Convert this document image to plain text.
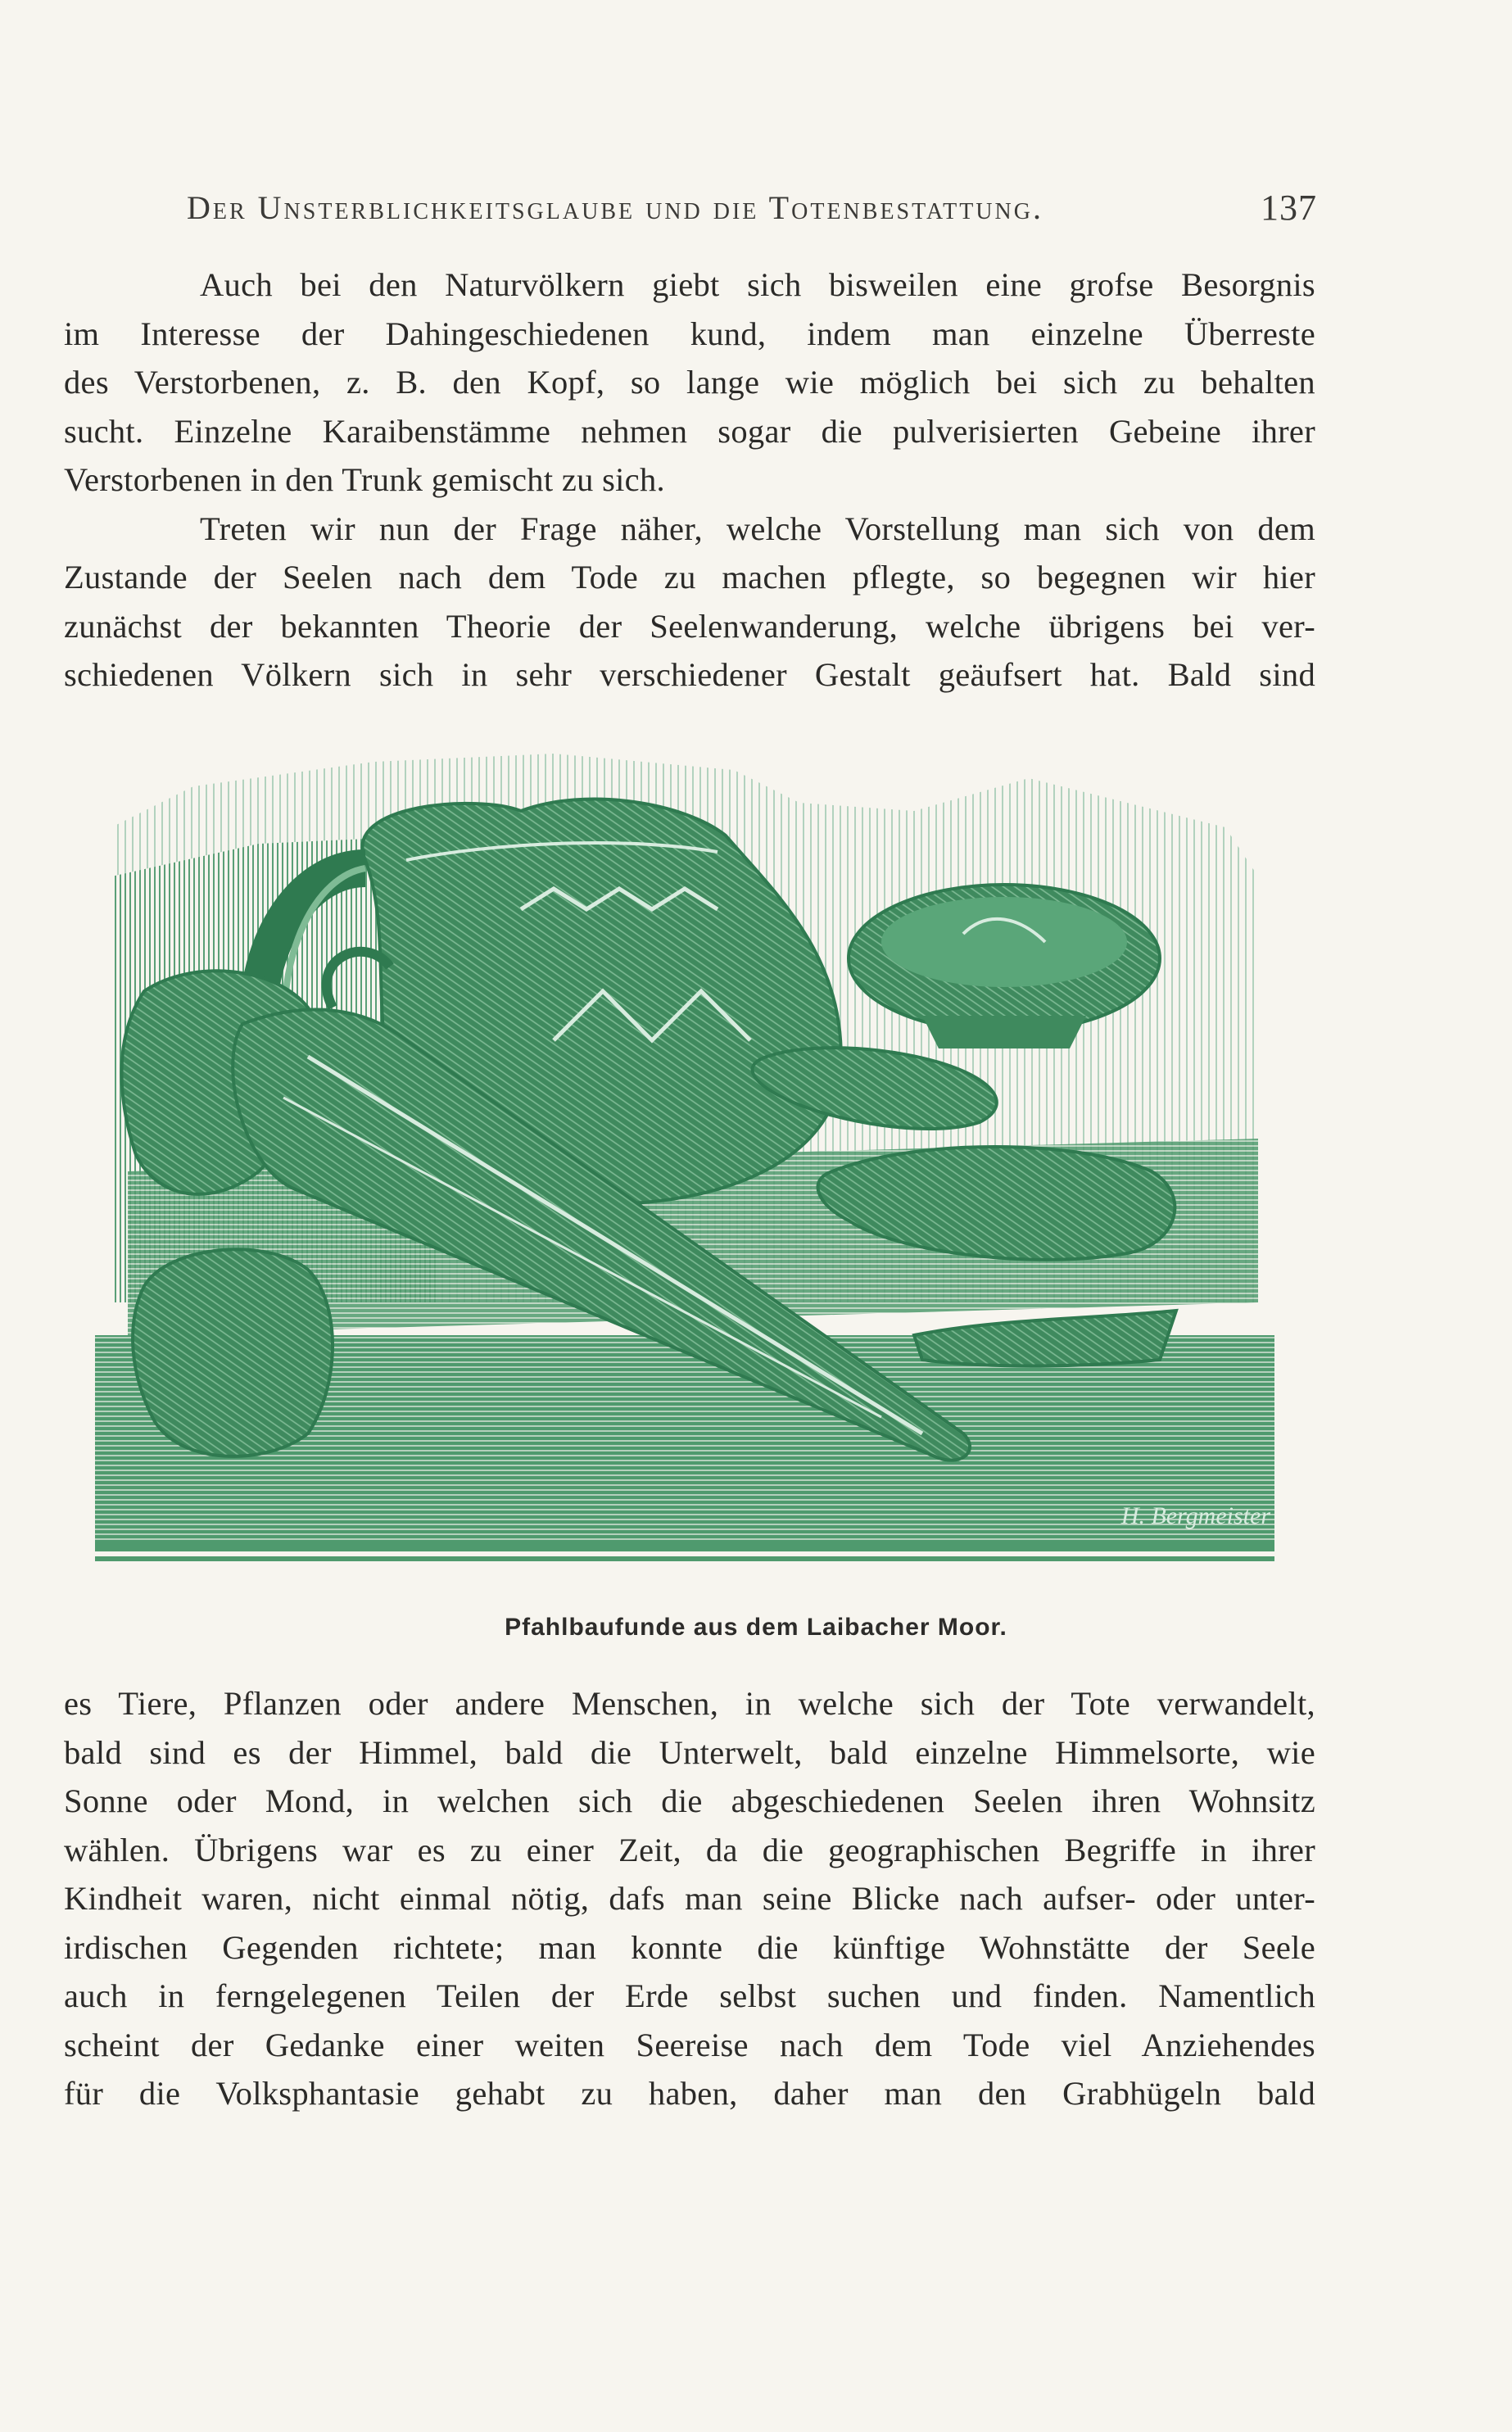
Der Unsterblichkeitsglaube und die Totenbestattung.	137

Auch bei den Naturvölkern giebt sich bisweilen eine grofse Besorgnis
im Interesse der Dahingeschiedenen kund, indem man einzelne Überreste
des Verstorbenen, z. B. den Kopf, so lange wie möglich bei sich zu behalten
sucht. Einzelne Karaibenstämme nehmen sogar die pulverisierten Gebeine ihrer
Verstorbenen in den Trunk gemischt zu sich.

Treten wir nun der Frage näher, welche Vorstellung man sich von dem
Zustande der Seelen nach dem Tode zu machen pflegte, so begegnen wir hier
zunächst der bekannten Theorie der Seelenwanderung, welche übrigens bei ver-
schiedenen Völkern sich in sehr verschiedener Gestalt geäufsert hat. Bald sind

H. Bergmeister
Pfahlbaufunde aus dem Laibacher Moor.

es Tiere, Pflanzen oder andere Menschen, in welche sich der Tote verwandelt,
bald sind es der Himmel, bald die Unterwelt, bald einzelne Himmelsorte, wie
Sonne oder Mond, in welchen sich die abgeschiedenen Seelen ihren Wohnsitz
wählen. Übrigens war es zu einer Zeit, da die geographischen Begriffe in ihrer
Kindheit waren, nicht einmal nötig, dafs man seine Blicke nach aufser- oder unter-
irdischen Gegenden richtete; man konnte die künftige Wohnstätte der Seele
auch in ferngelegenen Teilen der Erde selbst suchen und finden. Namentlich
scheint der Gedanke einer weiten Seereise nach dem Tode viel Anziehendes
für die Volksphantasie gehabt zu haben, daher man den Grabhügeln bald
